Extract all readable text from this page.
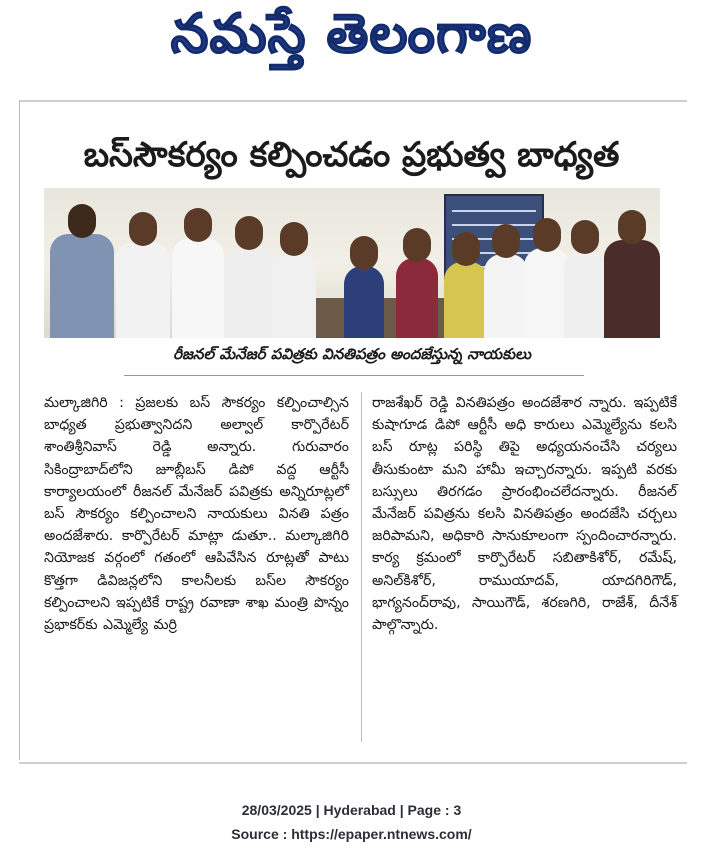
నమస్తే తెలంగాణ
బస్‌సౌకర్యం కల్పించడం ప్రభుత్వ బాధ్యత
రీజనల్ మేనేజర్ పవిత్రకు వినతిపత్రం అందజేస్తున్న నాయకులు
మల్కాజిగిరి : ప్రజలకు బస్ సౌకర్యం కల్పించాల్సిన బాధ్యత ప్రభుత్వానిదని అల్వాల్ కార్పొరేటర్ శాంతిశ్రీనివాస్ రెడ్డి అన్నారు. గురువారం సికింద్రాబాద్‌లోని జూబ్లీబస్ డిపో వద్ద ఆర్టీసీ కార్యాలయంలో రీజనల్ మేనేజర్ పవిత్రకు అన్నిరూట్లలో బస్ సౌకర్యం కల్పించాలని నాయకులు వినతి పత్రం అందజేశారు. కార్పొరేటర్ మాట్లా డుతూ.. మల్కాజిగిరి నియోజక వర్గంలో గతంలో ఆపివేసిన రూట్లతో పాటు కొత్తగా డివిజన్లలోని కాలనీలకు బస్‌ల సౌకర్యం కల్పించాలని ఇప్పటికే రాష్ట్ర రవాణా శాఖ మంత్రి పొన్నం ప్రభాకర్‌కు ఎమ్మెల్యే మర్రి
రాజశేఖర్ రెడ్డి వినతిపత్రం అందజేశార న్నారు. ఇప్పటికే కుషాగూడ డిపో ఆర్టీసీ అధి కారులు ఎమ్మెల్యేను కలసి బస్ రూట్ల పరిస్థి తిపై అధ్యయనంచేసి చర్యలు తీసుకుంటా మని హామీ ఇచ్చారన్నారు. ఇప్పటి వరకు బస్సులు తిరగడం ప్రారంభించలేదన్నారు. రీజనల్ మేనేజర్ పవిత్రను కలసి వినతిపత్రం అందజేసి చర్చలు జరిపామని, అధికారి సానుకూలంగా స్పందించారన్నారు. కార్య క్రమంలో కార్పొరేటర్ సబితాకిశోర్, రమేష్, అనిల్‌కిశోర్, రాముయాదవ్, యాదగిరిగౌడ్, భాగ్యనంద్‌రావు, సాయిగౌడ్, శరణగిరి, రాజేశ్, దీనేశ్ పాల్గొన్నారు.
28/03/2025 | Hyderabad | Page : 3
Source : https://epaper.ntnews.com/
